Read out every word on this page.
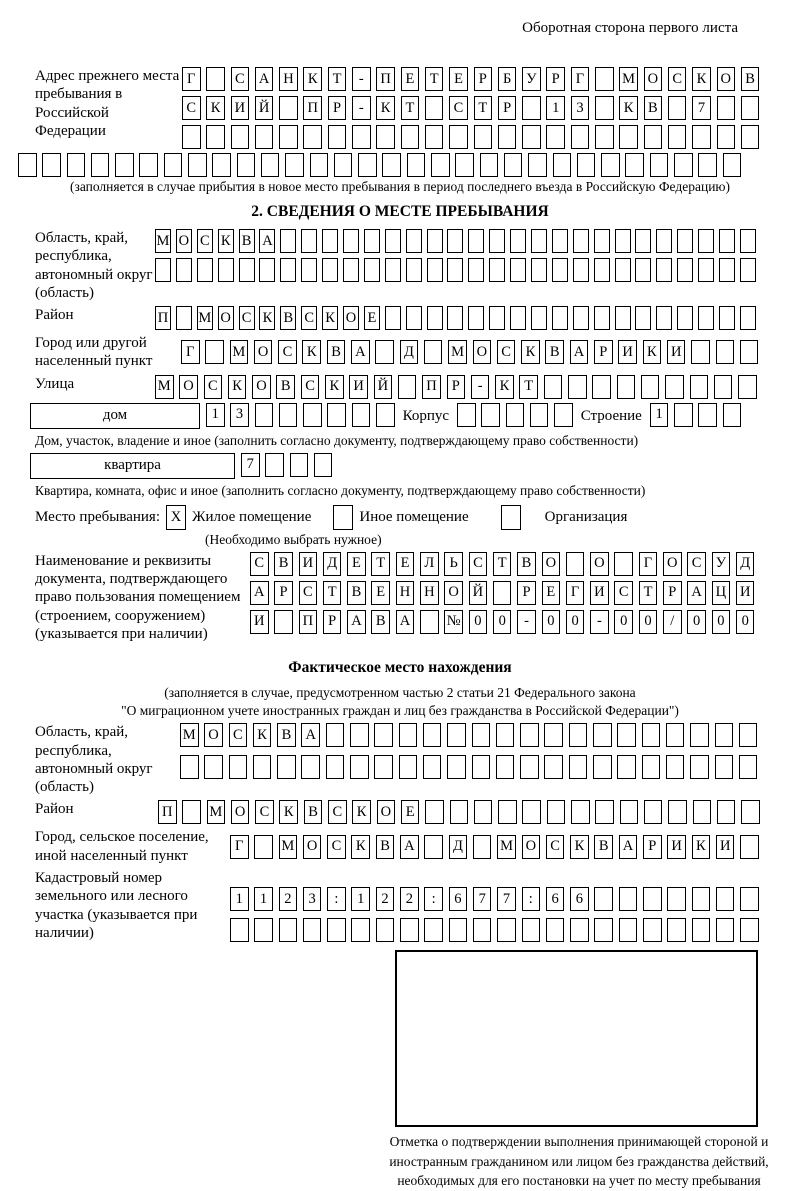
Оборотная сторона первого листа
Адрес прежнего места пребывания в Российской Федерации
Г	С А Н К	Т	-	П	Е	Т	Е	Р	Б	У	Р	Г	М О С	К О В
С	К И Й	П	Р	-	К	Т	С	Т	Р	1	3	К	В	7
(заполняется в случае прибытия в новое место пребывания в период последнего въезда в Российскую Федерацию)
2. СВЕДЕНИЯ О МЕСТЕ ПРЕБЫВАНИЯ
Область, край, республика, автономный округ (область)
М О С К В А
Район	П М О С К В С К О Е
Город или другой населенный пункт
Г	М О С	К	В А	Д	М О С	К	В А	Р	И К И
Улица	М О С	К О В	С	К И Й	П	Р	-	К	Т
дом	1	3	Корпус	Строение 1
Дом, участок, владение и иное (заполнить согласно документу, подтверждающему право собственности)
квартира	7
Квартира, комната, офис и иное (заполнить согласно документу, подтверждающему право собственности)
Место пребывания: X Жилое помещение	Иное помещение	Организация
(Необходимо выбрать нужное)
Наименование и реквизиты документа, подтверждающего право пользования помещением (строением, сооружением) (указывается при наличии)
С	В И Д	Е	Т	Е	Л	Ь	С	Т	В О	О	Г	О С У Д
А	Р	С	Т	В	Е	Н Н О Й	Р	Е	Г	И С	Т	Р	А Ц И
И	П	Р	А В А	№ 0	0	-	0	0	-	0	0	/	0	0	0
Фактическое место нахождения
(заполняется в случае, предусмотренном частью 2 статьи 21 Федерального закона
"О миграционном учете иностранных граждан и лиц без гражданства в Российской Федерации")
Область, край, республика, автономный округ (область)
М О С	К	В А
Район	П	М О С	К	В	С	К О	Е
Город, сельское поселение, иной населенный пункт
Г	М О С	К	В А	Д	М О С	К	В А	Р	И К И
Кадастровый номер земельного или лесного участка (указывается при наличии)
1	1	2	3	:	1	2	2	:	6	7	7	:	6	6
Отметка о подтверждении выполнения принимающей стороной и иностранным гражданином или лицом без гражданства действий, необходимых для его постановки на учет по месту пребывания
